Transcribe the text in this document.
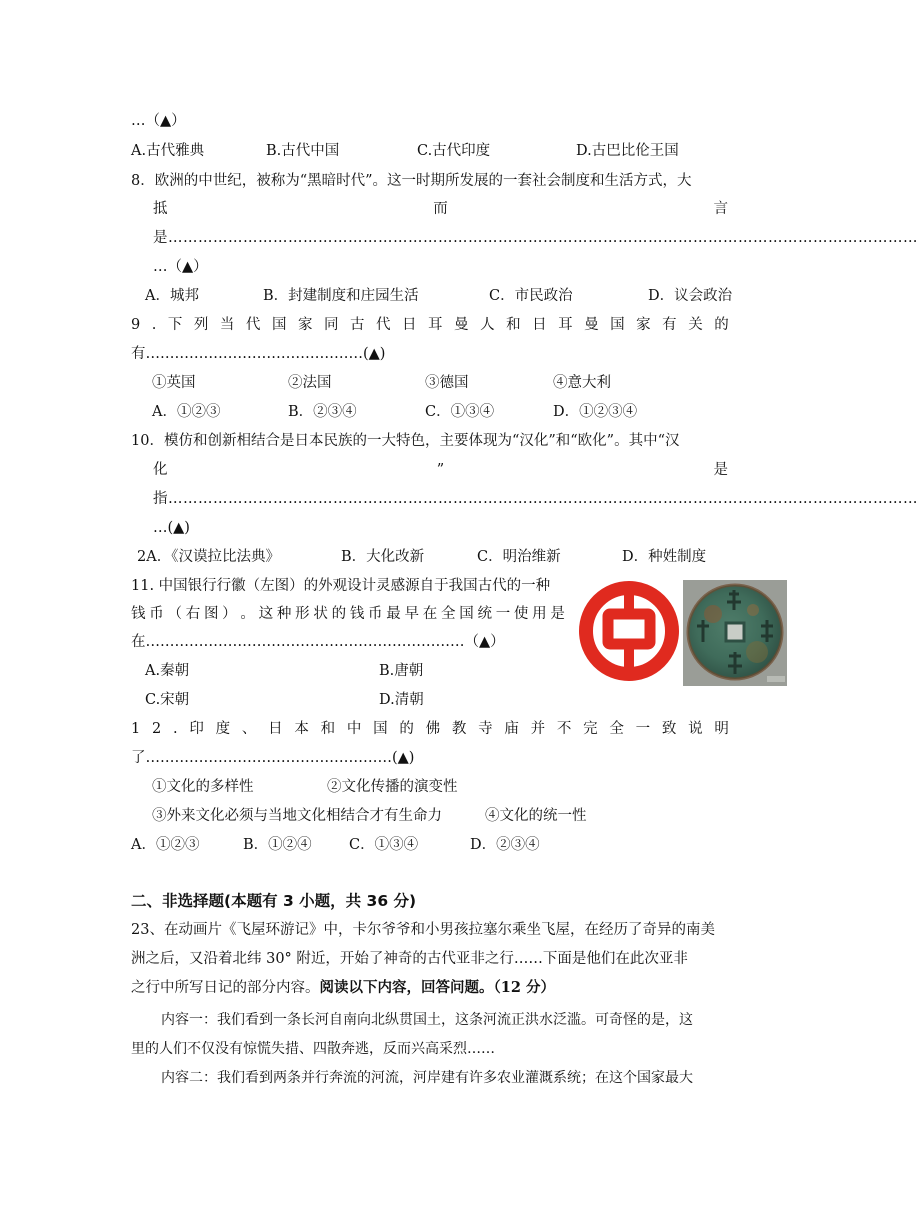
…（▲）
A.古代雅典	B.古代中国	C.古代印度	D.古巴比伦王国
8．欧洲的中世纪，被称为“黑暗时代”。这一时期所发展的一套社会制度和生活方式，大
抵	而	言
是……………………………………………………………………………………………………………………………………
…（▲）
A．城邦	B．封建制度和庄园生活	C．市民政治	D．议会政治
9 . 下 列 当 代 国 家 同 古 代 日 耳 曼 人 和 日 耳 曼 国 家 有 关 的
有………………………………………(▲)
①英国	②法国	③德国	④意大利
A．①②③	B．②③④	C．①③④	D．①②③④
10．模仿和创新相结合是日本民族的一大特色，主要体现为“汉化”和“欧化”。其中“汉
化	”	是
指……………………………………………………………………………………………………………………………………
…(▲)
2A．《汉谟拉比法典》	B．大化改新	C．明治维新	D．种姓制度
11. 中国银行行徽（左图）的外观设计灵感源自于我国古代的一种
钱 币 （ 右 图 ） 。 这 种 形 状 的 钱 币 最 早 在 全 国 统 一 使 用 是
在…………………………………………………………（▲）
A.秦朝	B.唐朝
C.宋朝	D.清朝
1 2 . 印 度 、 日 本 和 中 国 的 佛 教 寺 庙 并 不 完 全 一 致 说 明
了……………………………………………(▲)
①文化的多样性	②文化传播的演变性
③外来文化必须与当地文化相结合才有生命力	④文化的统一性
A．①②③	B．①②④	C．①③④	D．②③④
二、非选择题(本题有 3 小题，共 36 分)
23、在动画片《飞屋环游记》中，卡尔爷爷和小男孩拉塞尔乘坐飞屋，在经历了奇异的南美
洲之后，又沿着北纬 30° 附近，开始了神奇的古代亚非之行……下面是他们在此次亚非
之行中所写日记的部分内容。阅读以下内容，回答问题。（12 分）
内容一：我们看到一条长河自南向北纵贯国土，这条河流正洪水泛滥。可奇怪的是，这
里的人们不仅没有惊慌失措、四散奔逃，反而兴高采烈……
内容二：我们看到两条并行奔流的河流，河岸建有许多农业灌溉系统；在这个国家最大
